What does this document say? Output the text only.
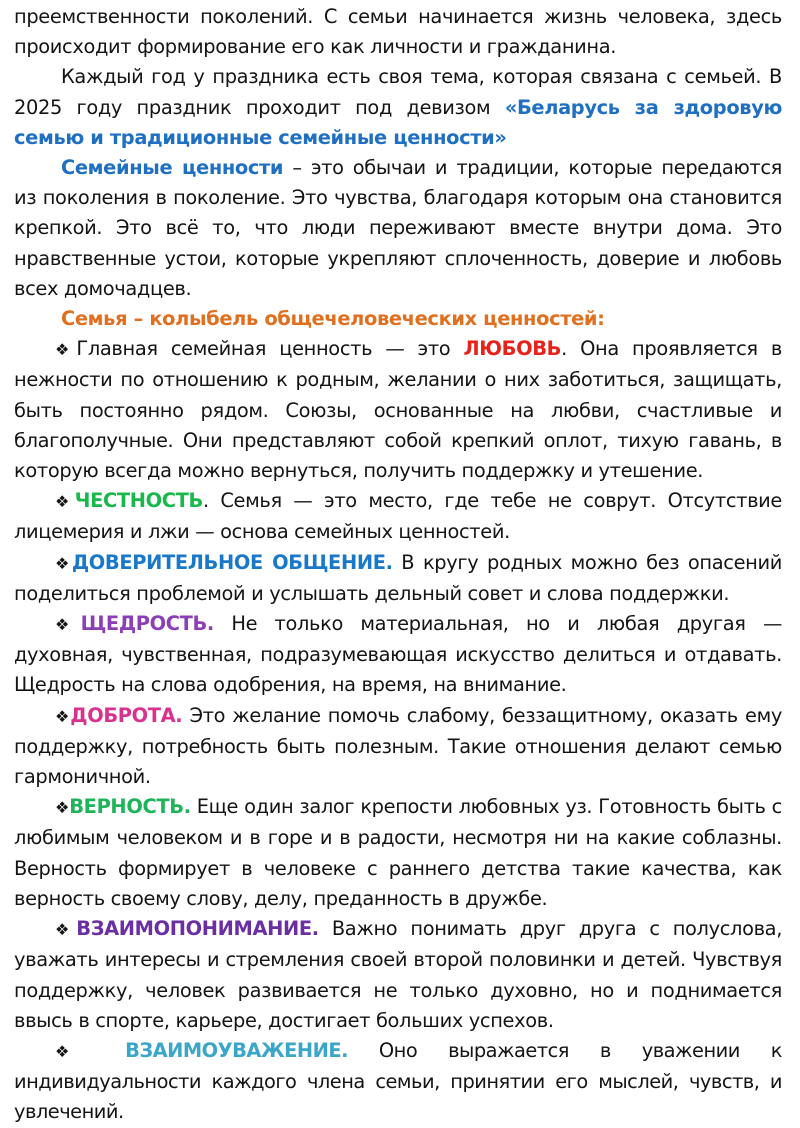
преемственности поколений. С семьи начинается жизнь человека, здесь происходит формирование его как личности и гражданина.

Каждый год у праздника есть своя тема, которая связана с семьей. В 2025 году праздник проходит под девизом «Беларусь за здоровую семью и традиционные семейные ценности»

Семейные ценности – это обычаи и традиции, которые передаются из поколения в поколение. Это чувства, благодаря которым она становится крепкой. Это всё то, что люди переживают вместе внутри дома. Это нравственные устои, которые укрепляют сплоченность, доверие и любовь всех домочадцев.

Семья – колыбель общечеловеческих ценностей:

❖Главная семейная ценность — это ЛЮБОВЬ. Она проявляется в нежности по отношению к родным, желании о них заботиться, защищать, быть постоянно рядом. Союзы, основанные на любви, счастливые и благополучные. Они представляют собой крепкий оплот, тихую гавань, в которую всегда можно вернуться, получить поддержку и утешение.

❖ЧЕСТНОСТЬ. Семья — это место, где тебе не соврут. Отсутствие лицемерия и лжи — основа семейных ценностей.

❖ДОВЕРИТЕЛЬНОЕ ОБЩЕНИЕ. В кругу родных можно без опасений поделиться проблемой и услышать дельный совет и слова поддержки.

❖ЩЕДРОСТЬ. Не только материальная, но и любая другая — духовная, чувственная, подразумевающая искусство делиться и отдавать. Щедрость на слова одобрения, на время, на внимание.

❖ДОБРОТА. Это желание помочь слабому, беззащитному, оказать ему поддержку, потребность быть полезным. Такие отношения делают семью гармоничной.

❖ВЕРНОСТЬ. Еще один залог крепости любовных уз. Готовность быть с любимым человеком и в горе и в радости, несмотря ни на какие соблазны. Верность формирует в человеке с раннего детства такие качества, как верность своему слову, делу, преданность в дружбе.

❖ВЗАИМОПОНИМАНИЕ. Важно понимать друг друга с полуслова, уважать интересы и стремления своей второй половинки и детей. Чувствуя поддержку, человек развивается не только духовно, но и поднимается ввысь в спорте, карьере, достигает больших успехов.

❖ ВЗАИМОУВАЖЕНИЕ. Оно выражается в уважении к индивидуальности каждого члена семьи, принятии его мыслей, чувств, и увлечений.
